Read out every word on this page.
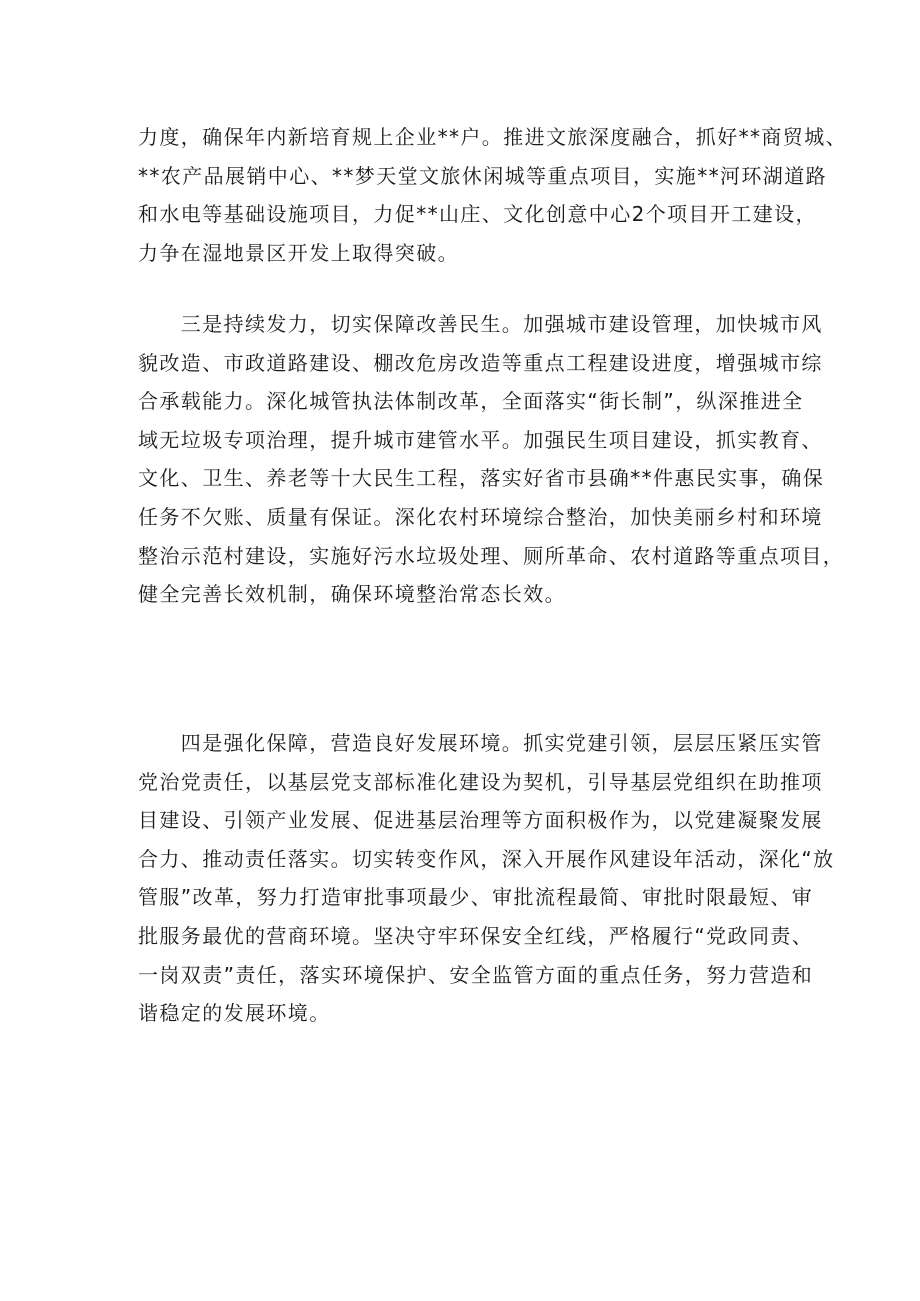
力度，确保年内新培育规上企业**户。推进文旅深度融合，抓好**商贸城、
**农产品展销中心、**梦天堂文旅休闲城等重点项目，实施**河环湖道路
和水电等基础设施项目，力促**山庄、文化创意中心2个项目开工建设，
力争在湿地景区开发上取得突破。

　　三是持续发力，切实保障改善民生。加强城市建设管理，加快城市风
貌改造、市政道路建设、棚改危房改造等重点工程建设进度，增强城市综
合承载能力。深化城管执法体制改革，全面落实“街长制”，纵深推进全
域无垃圾专项治理，提升城市建管水平。加强民生项目建设，抓实教育、
文化、卫生、养老等十大民生工程，落实好省市县确**件惠民实事，确保
任务不欠账、质量有保证。深化农村环境综合整治，加快美丽乡村和环境
整治示范村建设，实施好污水垃圾处理、厕所革命、农村道路等重点项目，
健全完善长效机制，确保环境整治常态长效。

　　四是强化保障，营造良好发展环境。抓实党建引领，层层压紧压实管
党治党责任，以基层党支部标准化建设为契机，引导基层党组织在助推项
目建设、引领产业发展、促进基层治理等方面积极作为，以党建凝聚发展
合力、推动责任落实。切实转变作风，深入开展作风建设年活动，深化“放
管服”改革，努力打造审批事项最少、审批流程最简、审批时限最短、审
批服务最优的营商环境。坚决守牢环保安全红线，严格履行“党政同责、
一岗双责”责任，落实环境保护、安全监管方面的重点任务，努力营造和
谐稳定的发展环境。
